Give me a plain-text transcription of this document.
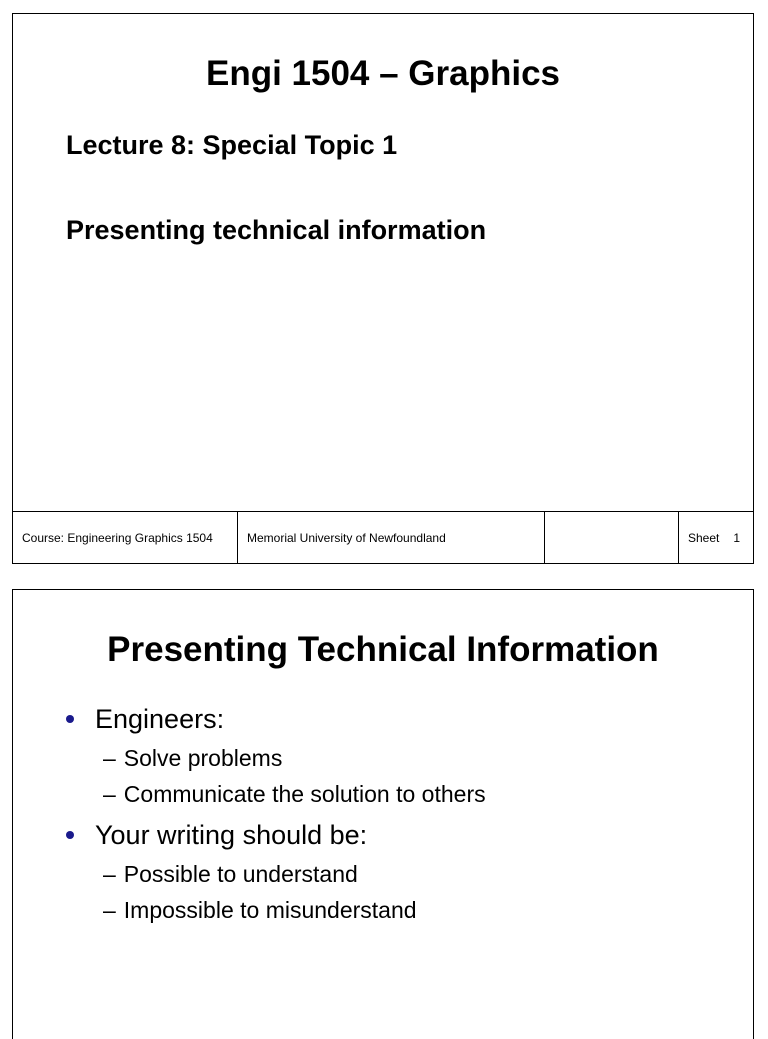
Engi 1504 – Graphics

Lecture 8: Special Topic 1

Presenting technical information

Course: Engineering Graphics 1504	Memorial University of Newfoundland	Sheet 1
Presenting Technical Information
Engineers:
– Solve problems
– Communicate the solution to others
Your writing should be:
– Possible to understand
– Impossible to misunderstand
